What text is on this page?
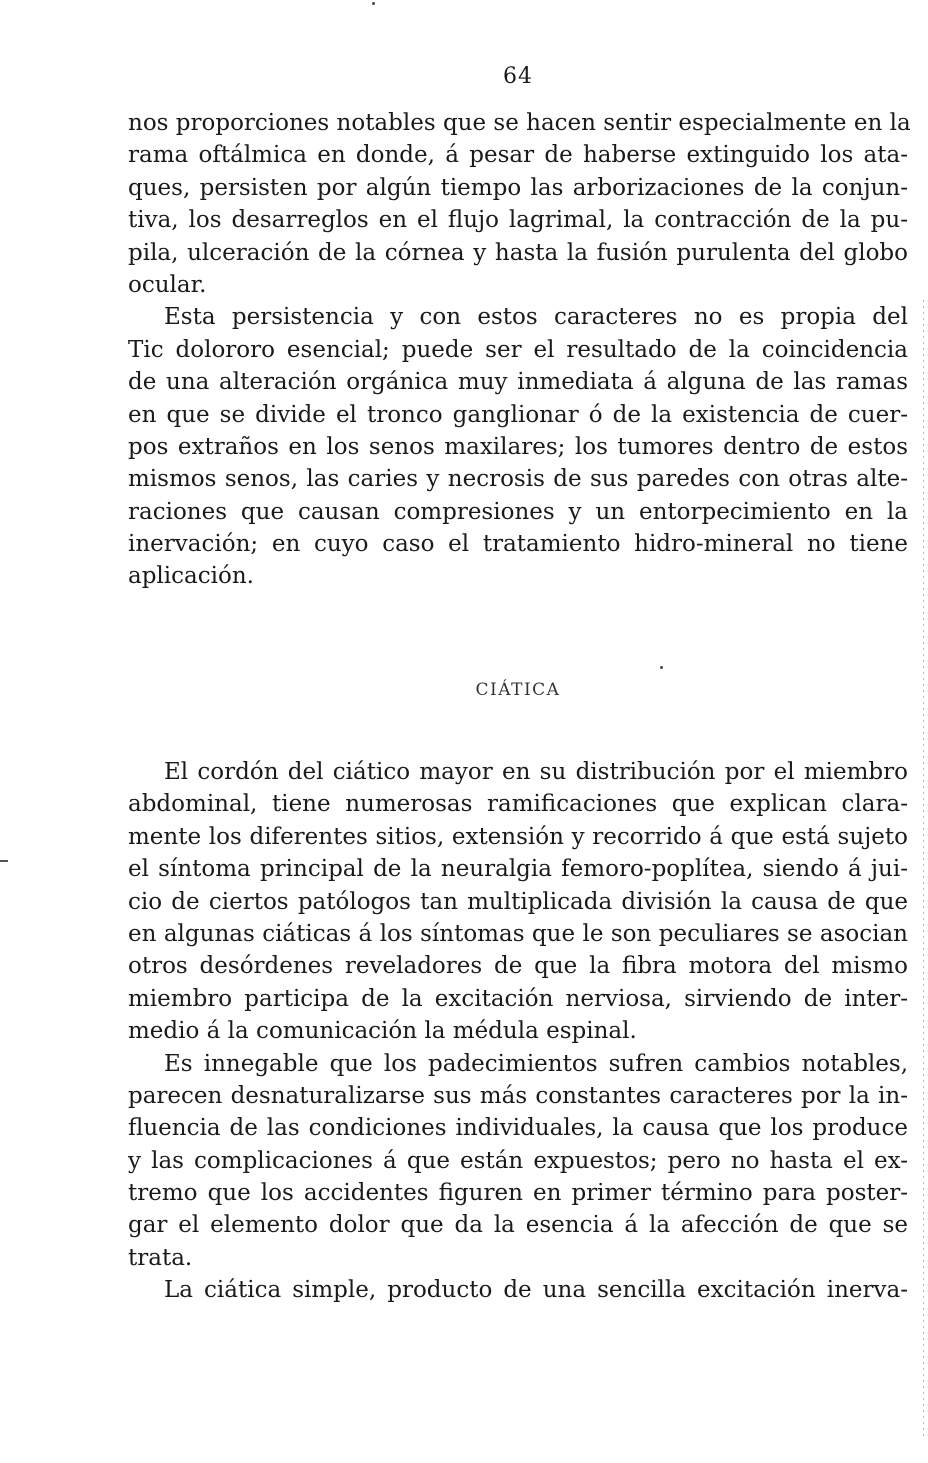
64
nos proporciones notables que se hacen sentir especialmente en la
rama oftálmica en donde, á pesar de haberse extinguido los ata-
ques, persisten por algún tiempo las arborizaciones de la conjun-
tiva, los desarreglos en el flujo lagrimal, la contracción de la pu-
pila, ulceración de la córnea y hasta la fusión purulenta del globo
ocular.
Esta persistencia y con estos caracteres no es propia del
Tic dolororo esencial; puede ser el resultado de la coincidencia
de una alteración orgánica muy inmediata á alguna de las ramas
en que se divide el tronco ganglionar ó de la existencia de cuer-
pos extraños en los senos maxilares; los tumores dentro de estos
mismos senos, las caries y necrosis de sus paredes con otras alte-
raciones que causan compresiones y un entorpecimiento en la
inervación; en cuyo caso el tratamiento hidro-mineral no tiene
aplicación.
CIÁTICA
El cordón del ciático mayor en su distribución por el miembro
abdominal, tiene numerosas ramificaciones que explican clara-
mente los diferentes sitios, extensión y recorrido á que está sujeto
el síntoma principal de la neuralgia femoro-poplítea, siendo á jui-
cio de ciertos patólogos tan multiplicada división la causa de que
en algunas ciáticas á los síntomas que le son peculiares se asocian
otros desórdenes reveladores de que la fibra motora del mismo
miembro participa de la excitación nerviosa, sirviendo de inter-
medio á la comunicación la médula espinal.
Es innegable que los padecimientos sufren cambios notables,
parecen desnaturalizarse sus más constantes caracteres por la in-
fluencia de las condiciones individuales, la causa que los produce
y las complicaciones á que están expuestos; pero no hasta el ex-
tremo que los accidentes figuren en primer término para poster-
gar el elemento dolor que da la esencia á la afección de que se
trata.
La ciática simple, producto de una sencilla excitación inerva-
